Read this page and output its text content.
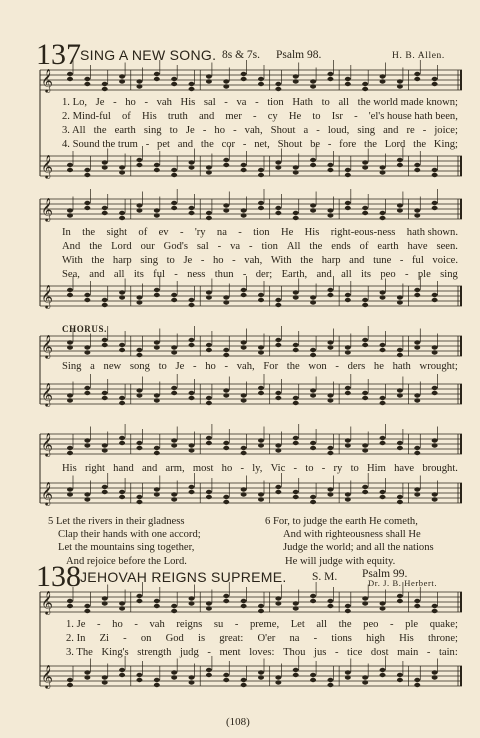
137 SING A NEW SONG. 8s & 7s. Psalm 98.	H. B. Allen.
𝄞
𝄞
𝄞
𝄞
𝄞
𝄞
𝄞
𝄞
𝄞
𝄞
1. Lo, Je - ho - vah His sal - va - tion Hath to all the world made known;
2. Mind-ful of His truth and mer - cy He to Isr - 'el's house hath been,
3. All the earth sing to Je - ho - vah, Shout a - loud, sing and re - joice;
4. Sound the trum - pet and the cor - net, Shout be - fore the Lord the King;
In the sight of ev - 'ry na - tion He His right-eous-ness hath shown.
And the Lord our God's sal - va - tion All the ends of earth have seen.
With the harp sing to Je - ho - vah, With the harp and tune - ful voice.
Sea, and all its ful - ness thun - der; Earth, and all its peo - ple sing
CHORUS.
Sing a new song to Je - ho - vah, For the won - ders he hath wrought;
His right hand and arm, most ho - ly, Vic - to - ry to Him have brought.
5 Let the rivers in their gladness
Clap their hands with one accord;
Let the mountains sing together,
And rejoice before the Lord.
6 For, to judge the earth He cometh,
And with righteousness shall He
Judge the world; and all the nations
He will judge with equity.
138 JEHOVAH REIGNS SUPREME. S. M. Psalm 99.
Dr. J. B. Herbert.
1. Je - ho - vah reigns su - preme, Let all the peo - ple quake;
2. In Zi - on God is great: O'er na - tions high His throne;
3. The King's strength judg - ment loves: Thou jus - tice dost main - tain:
(108)
